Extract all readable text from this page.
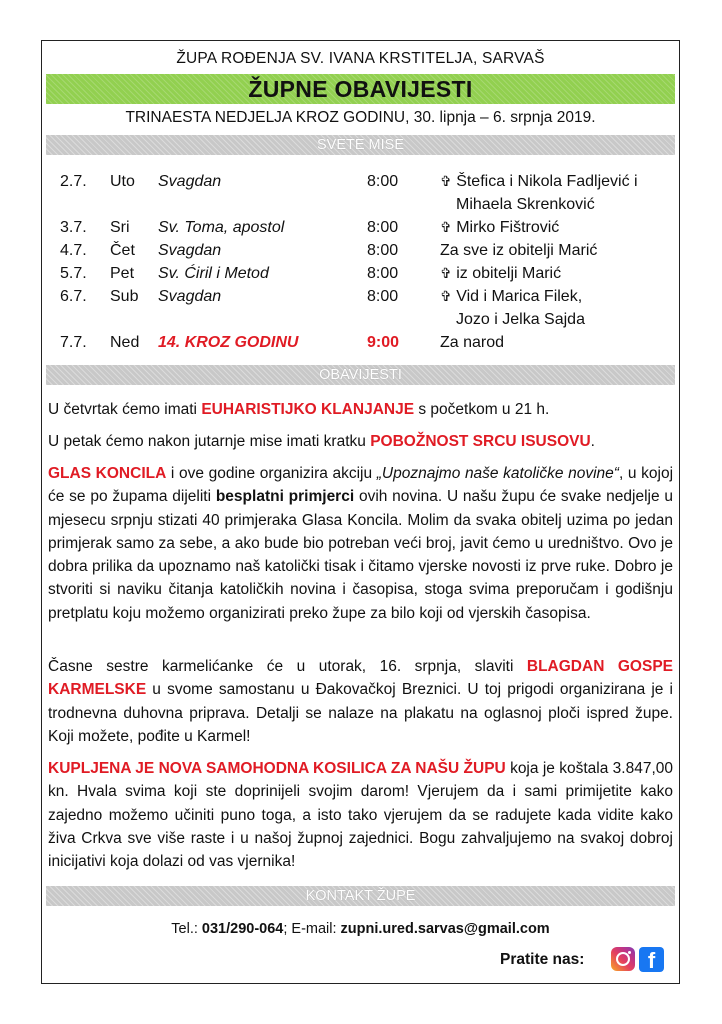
ŽUPA ROĐENJA SV. IVANA KRSTITELJA, SARVAŠ
ŽUPNE OBAVIJESTI
TRINAESTA NEDJELJA KROZ GODINU, 30. lipnja – 6. srpnja 2019.
SVETE MISE
2.7. Uto Svagdan	8:00	✞ Štefica i Nikola Fadljević i
Mihaela Skrenković
3.7. Sri Sv. Toma, apostol	8:00	✞ Mirko Fištrović
4.7. Čet Svagdan	8:00	Za sve iz obitelji Marić
5.7. Pet Sv. Ćiril i Metod	8:00	✞ iz obitelji Marić
6.7. Sub Svagdan	8:00	✞ Vid i Marica Filek,
Jozo i Jelka Sajda
7.7. Ned 14. KROZ GODINU	9:00	Za narod
OBAVIJESTI
U četvrtak ćemo imati EUHARISTIJKO KLANJANJE s početkom u 21 h.
U petak ćemo nakon jutarnje mise imati kratku POBOŽNOST SRCU ISUSOVU.
GLAS KONCILA i ove godine organizira akciju „Upoznajmo naše katoličke novine“, u kojoj će se po župama dijeliti besplatni primjerci ovih novina. U našu župu će svake nedjelje u mjesecu srpnju stizati 40 primjeraka Glasa Koncila. Molim da svaka obitelj uzima po jedan primjerak samo za sebe, a ako bude bio potreban veći broj, javit ćemo u uredništvo. Ovo je dobra prilika da upoznamo naš katolički tisak i čitamo vjerske novosti iz prve ruke. Dobro je stvoriti si naviku čitanja katoličkih novina i časopisa, stoga svima preporučam i godišnju pretplatu koju možemo organizirati preko župe za bilo koji od vjerskih časopisa.
Časne sestre karmelićanke će u utorak, 16. srpnja, slaviti BLAGDAN GOSPE KARMELSKE u svome samostanu u Đakovačkoj Breznici. U toj prigodi organizirana je i trodnevna duhovna priprava. Detalji se nalaze na plakatu na oglasnoj ploči ispred župe. Koji možete, pođite u Karmel!
KUPLJENA JE NOVA SAMOHODNA KOSILICA ZA NAŠU ŽUPU koja je koštala 3.847,00 kn. Hvala svima koji ste doprinijeli svojim darom! Vjerujem da i sami primijetite kako zajedno možemo učiniti puno toga, a isto tako vjerujem da se radujete kada vidite kako živa Crkva sve više raste i u našoj župnoj zajednici. Bogu zahvaljujemo na svakoj dobroj inicijativi koja dolazi od vas vjernika!
KONTAKT ŽUPE
Tel.: 031/290-064; E-mail: zupni.ured.sarvas@gmail.com
Pratite nas:	f
